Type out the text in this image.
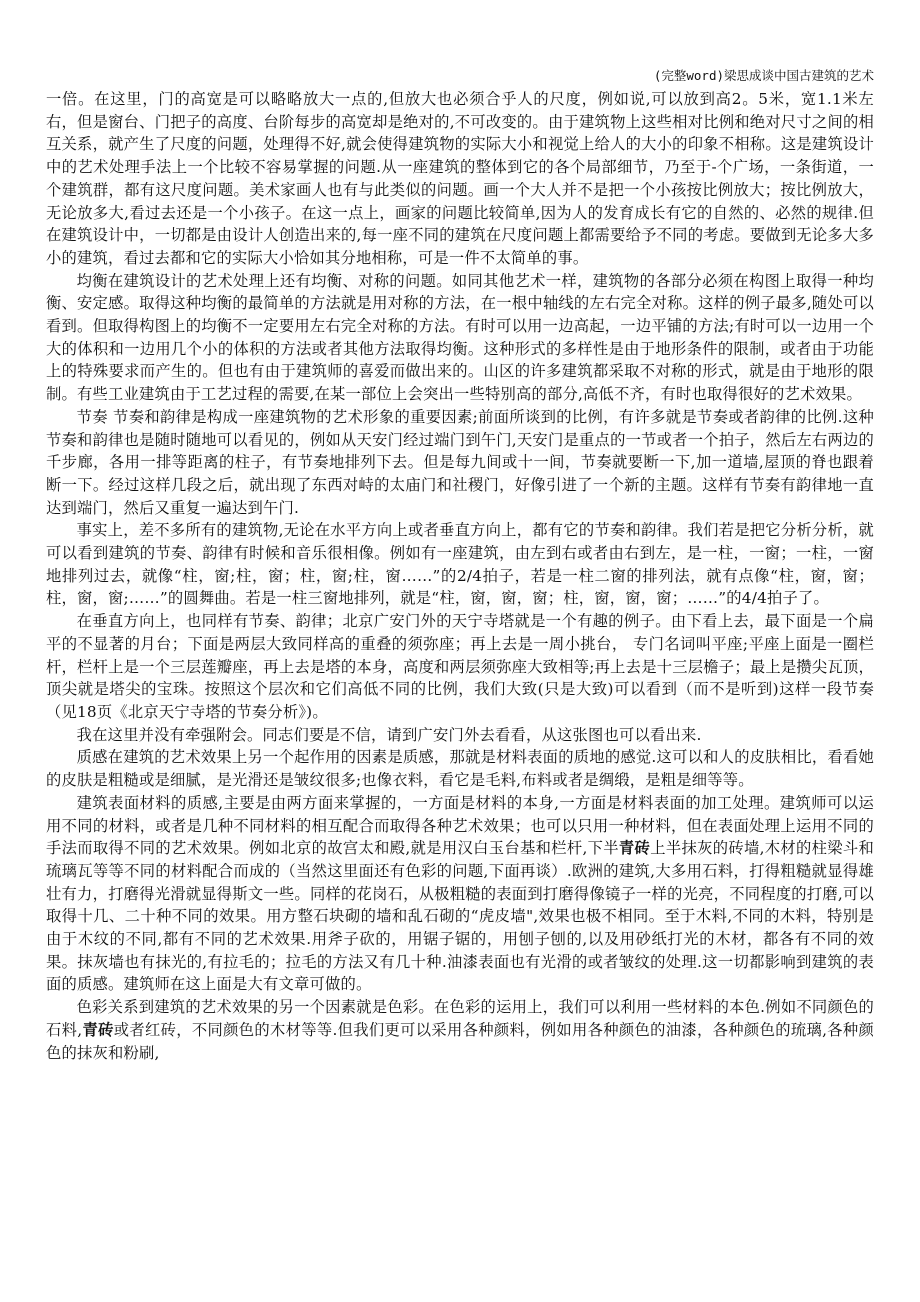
(完整word)梁思成谈中国古建筑的艺术

一倍。在这里，门的高宽是可以略略放大一点的,但放大也必须合乎人的尺度，例如说,可以放到高2。5米，宽1.1米左右，但是窗台、门把子的高度、台阶每步的高宽却是绝对的,不可改变的。由于建筑物上这些相对比例和绝对尺寸之间的相互关系，就产生了尺度的问题，处理得不好,就会使得建筑物的实际大小和视觉上给人的大小的印象不相称。这是建筑设计中的艺术处理手法上一个比较不容易掌握的问题.从一座建筑的整体到它的各个局部细节，乃至于-个广场，一条街道，一个建筑群，都有这尺度问题。美术家画人也有与此类似的问题。画一个大人并不是把一个小孩按比例放大；按比例放大，无论放多大,看过去还是一个小孩子。在这一点上，画家的问题比较简单,因为人的发育成长有它的自然的、必然的规律.但在建筑设计中，一切都是由设计人创造出来的,每一座不同的建筑在尺度问题上都需要给予不同的考虑。要做到无论多大多小的建筑，看过去都和它的实际大小恰如其分地相称，可是一件不太简单的事。

均衡在建筑设计的艺术处理上还有均衡、对称的问题。如同其他艺术一样，建筑物的各部分必须在构图上取得一种均衡、安定感。取得这种均衡的最简单的方法就是用对称的方法，在一根中轴线的左右完全对称。这样的例子最多,随处可以看到。但取得构图上的均衡不一定要用左右完全对称的方法。有时可以用一边高起，一边平铺的方法;有时可以一边用一个大的体积和一边用几个小的体积的方法或者其他方法取得均衡。这种形式的多样性是由于地形条件的限制，或者由于功能上的特殊要求而产生的。但也有由于建筑师的喜爱而做出来的。山区的许多建筑都采取不对称的形式，就是由于地形的限制。有些工业建筑由于工艺过程的需要,在某一部位上会突出一些特别高的部分,高低不齐，有时也取得很好的艺术效果。

节奏 节奏和韵律是构成一座建筑物的艺术形象的重要因素;前面所谈到的比例，有许多就是节奏或者韵律的比例.这种节奏和韵律也是随时随地可以看见的，例如从天安门经过端门到午门,天安门是重点的一节或者一个拍子，然后左右两边的千步廊，各用一排等距离的柱子，有节奏地排列下去。但是每九间或十一间，节奏就要断一下,加一道墙,屋顶的脊也跟着断一下。经过这样几段之后，就出现了东西对峙的太庙门和社稷门，好像引进了一个新的主题。这样有节奏有韵律地一直达到端门，然后又重复一遍达到午门.

事实上，差不多所有的建筑物,无论在水平方向上或者垂直方向上，都有它的节奏和韵律。我们若是把它分析分析，就可以看到建筑的节奏、韵律有时候和音乐很相像。例如有一座建筑，由左到右或者由右到左，是一柱，一窗；一柱，一窗地排列过去，就像“柱，窗;柱，窗；柱，窗;柱，窗……”的2/4拍子，若是一柱二窗的排列法，就有点像“柱，窗，窗；柱，窗，窗;……”的圆舞曲。若是一柱三窗地排列，就是“柱，窗，窗，窗；柱，窗，窗，窗；……”的4/4拍子了。

在垂直方向上，也同样有节奏、韵律；北京广安门外的天宁寺塔就是一个有趣的例子。由下看上去，最下面是一个扁平的不显著的月台；下面是两层大致同样高的重叠的须弥座；再上去是一周小挑台， 专门名词叫平座;平座上面是一圈栏杆，栏杆上是一个三层莲瓣座，再上去是塔的本身，高度和两层须弥座大致相等;再上去是十三层檐子；最上是攒尖瓦顶，顶尖就是塔尖的宝珠。按照这个层次和它们高低不同的比例，我们大致(只是大致)可以看到（而不是听到)这样一段节奏（见18页《北京天宁寺塔的节奏分析》)。

我在这里并没有牵强附会。同志们要是不信，请到广安门外去看看，从这张图也可以看出来.

质感在建筑的艺术效果上另一个起作用的因素是质感，那就是材料表面的质地的感觉.这可以和人的皮肤相比，看看她的皮肤是粗糙或是细腻，是光滑还是皱纹很多;也像衣料，看它是毛料,布料或者是绸缎，是粗是细等等。

建筑表面材料的质感,主要是由两方面来掌握的，一方面是材料的本身,一方面是材料表面的加工处理。建筑师可以运用不同的材料，或者是几种不同材料的相互配合而取得各种艺术效果；也可以只用一种材料，但在表面处理上运用不同的手法而取得不同的艺术效果。例如北京的故宫太和殿,就是用汉白玉台基和栏杆,下半青砖上半抹灰的砖墙,木材的柱梁斗和琉璃瓦等等不同的材料配合而成的（当然这里面还有色彩的问题,下面再谈）.欧洲的建筑,大多用石料，打得粗糙就显得雄壮有力，打磨得光滑就显得斯文一些。同样的花岗石，从极粗糙的表面到打磨得像镜子一样的光亮，不同程度的打磨,可以取得十几、二十种不同的效果。用方整石块砌的墙和乱石砌的“虎皮墙",效果也极不相同。至于木料,不同的木料，特别是由于木纹的不同,都有不同的艺术效果.用斧子砍的，用锯子锯的，用刨子刨的,以及用砂纸打光的木材，都各有不同的效果。抹灰墙也有抹光的,有拉毛的；拉毛的方法又有几十种.油漆表面也有光滑的或者皱纹的处理.这一切都影响到建筑的表面的质感。建筑师在这上面是大有文章可做的。

色彩关系到建筑的艺术效果的另一个因素就是色彩。在色彩的运用上，我们可以利用一些材料的本色.例如不同颜色的石料,青砖或者红砖，不同颜色的木材等等.但我们更可以采用各种颜料，例如用各种颜色的油漆，各种颜色的琉璃,各种颜色的抹灰和粉刷,
